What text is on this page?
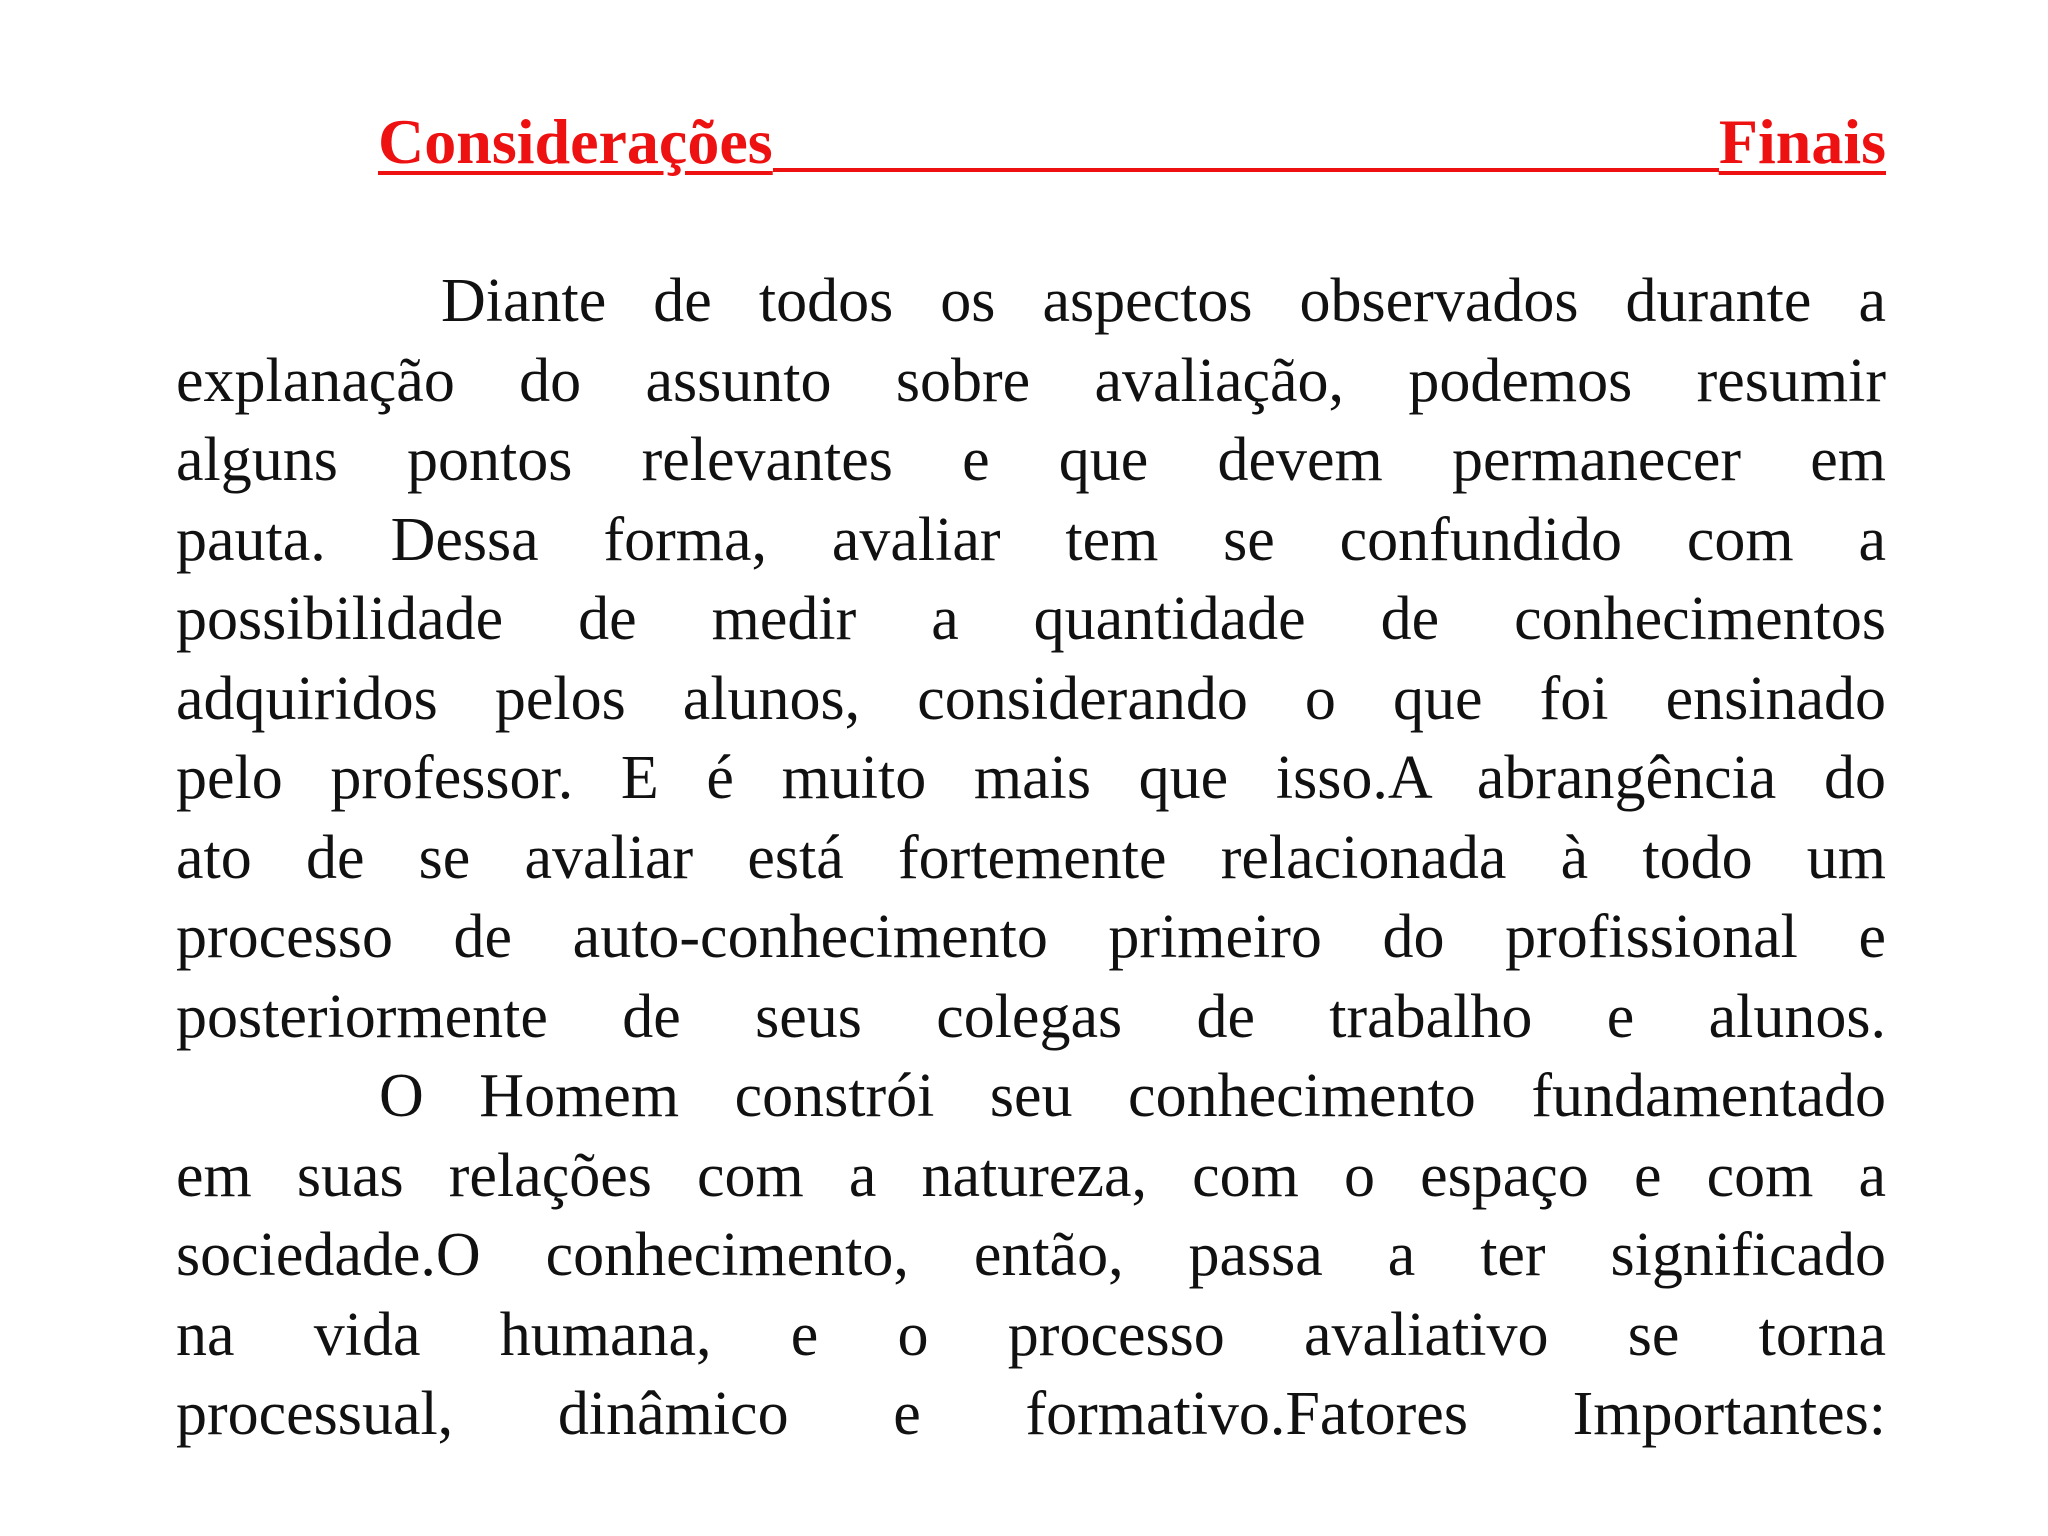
Considerações	Finais
Diante de todos os aspectos observados durante a
explanação do assunto sobre avaliação, podemos resumir
alguns pontos relevantes e que devem permanecer em
pauta. Dessa forma, avaliar tem se confundido com a
possibilidade de medir a quantidade de conhecimentos
adquiridos pelos alunos, considerando o que foi ensinado
pelo professor. E é muito mais que isso.A abrangência do
ato de se avaliar está fortemente relacionada à todo um
processo de auto-conhecimento primeiro do profissional e
posteriormente de seus colegas de trabalho e alunos.
O Homem constrói seu conhecimento fundamentado
em suas relações com a natureza, com o espaço e com a
sociedade.O conhecimento, então, passa a ter significado
na vida humana, e o processo avaliativo se torna
processual, dinâmico e formativo.Fatores Importantes:
